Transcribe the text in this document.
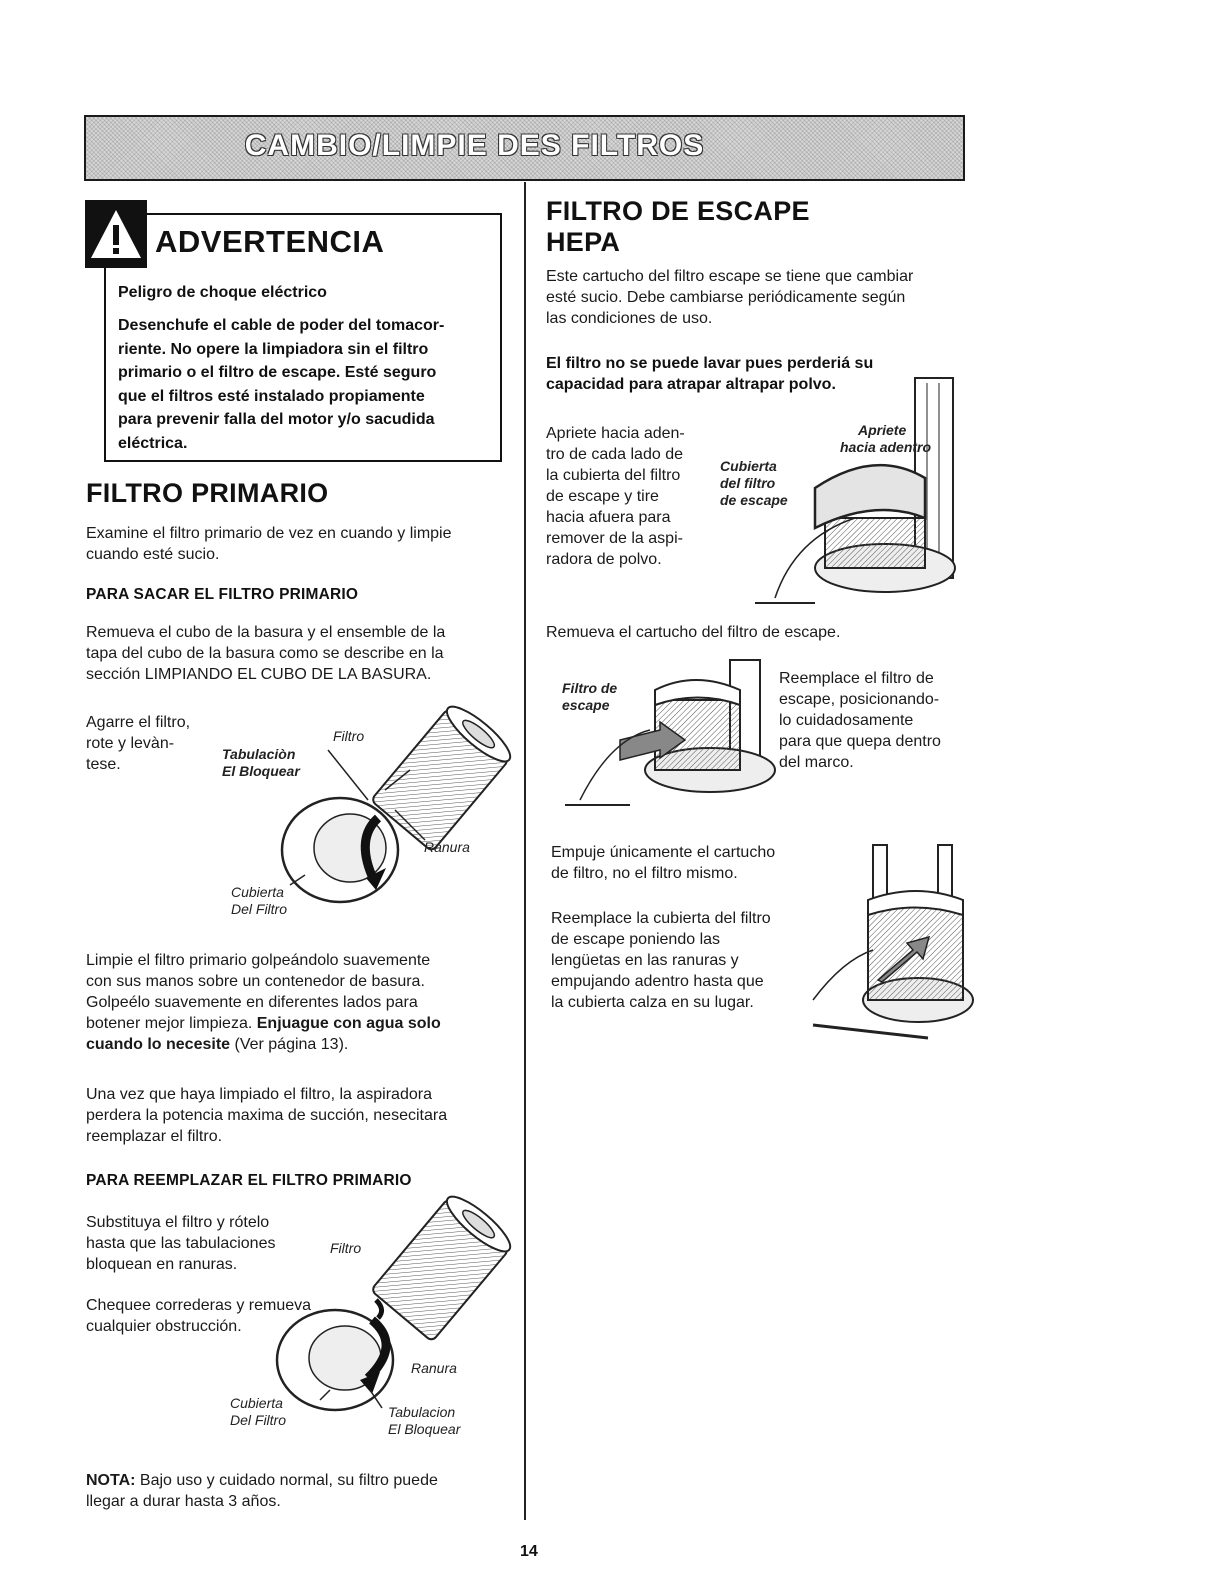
CAMBIO/LIMPIE DES FILTROS
ADVERTENCIA
Peligro de choque eléctrico
Desenchufe el cable de poder del tomacor-
riente. No opere la limpiadora sin el filtro
primario o el filtro de escape. Esté seguro
que el filtros esté instalado propiamente
para prevenir falla del motor y/o sacudida
eléctrica.
FILTRO PRIMARIO
Examine el filtro primario de vez en cuando y limpie
cuando esté sucio.
PARA SACAR EL FILTRO PRIMARIO
Remueva el cubo de la basura y el ensemble de la
tapa del cubo de la basura como se describe en la
sección LIMPIANDO EL CUBO DE LA BASURA.
Agarre el filtro,
rote y levàn-
tese.
Filtro
Tabulaciòn
El Bloquear
Ranura
Cubierta
Del Filtro
Limpie el filtro primario golpeándolo suavemente
con sus manos sobre un contenedor de basura.
Golpeélo suavemente en diferentes lados para
botener mejor limpieza. Enjuague con agua solo
cuando lo necesite (Ver página 13).
Una vez que haya limpiado el filtro, la aspiradora
perdera la potencia maxima de succión, nesecitara
reemplazar el filtro.
PARA REEMPLAZAR EL FILTRO PRIMARIO
Substituya el filtro y rótelo
hasta que las tabulaciones
bloquean en ranuras.
Chequee correderas y remueva
cualquier obstrucción.
Filtro
Ranura
Cubierta
Del Filtro	Tabulacion
El Bloquear
NOTA: Bajo uso y cuidado normal, su filtro puede
llegar a durar hasta 3 años.
FILTRO DE ESCAPE
HEPA
Este cartucho del filtro escape se tiene que cambiar
esté sucio. Debe cambiarse periódicamente según
las condiciones de uso.
El filtro no se puede lavar pues perderiá su
capacidad para atrapar altrapar polvo.
Apriete hacia aden-
tro de cada lado de
la cubierta del filtro
de escape y tire
hacia afuera para
remover de la aspi-
radora de polvo.
Apriete
hacia adentro
Cubierta
del filtro
de escape
Remueva el cartucho del filtro de escape.
Filtro de
escape
Reemplace el filtro de
escape, posicionando-
lo cuidadosamente
para que quepa dentro
del marco.
Empuje únicamente el cartucho
de filtro, no el filtro mismo.
Reemplace la cubierta del filtro
de escape poniendo las
lengüetas en las ranuras y
empujando adentro hasta que
la cubierta calza en su lugar.
14
